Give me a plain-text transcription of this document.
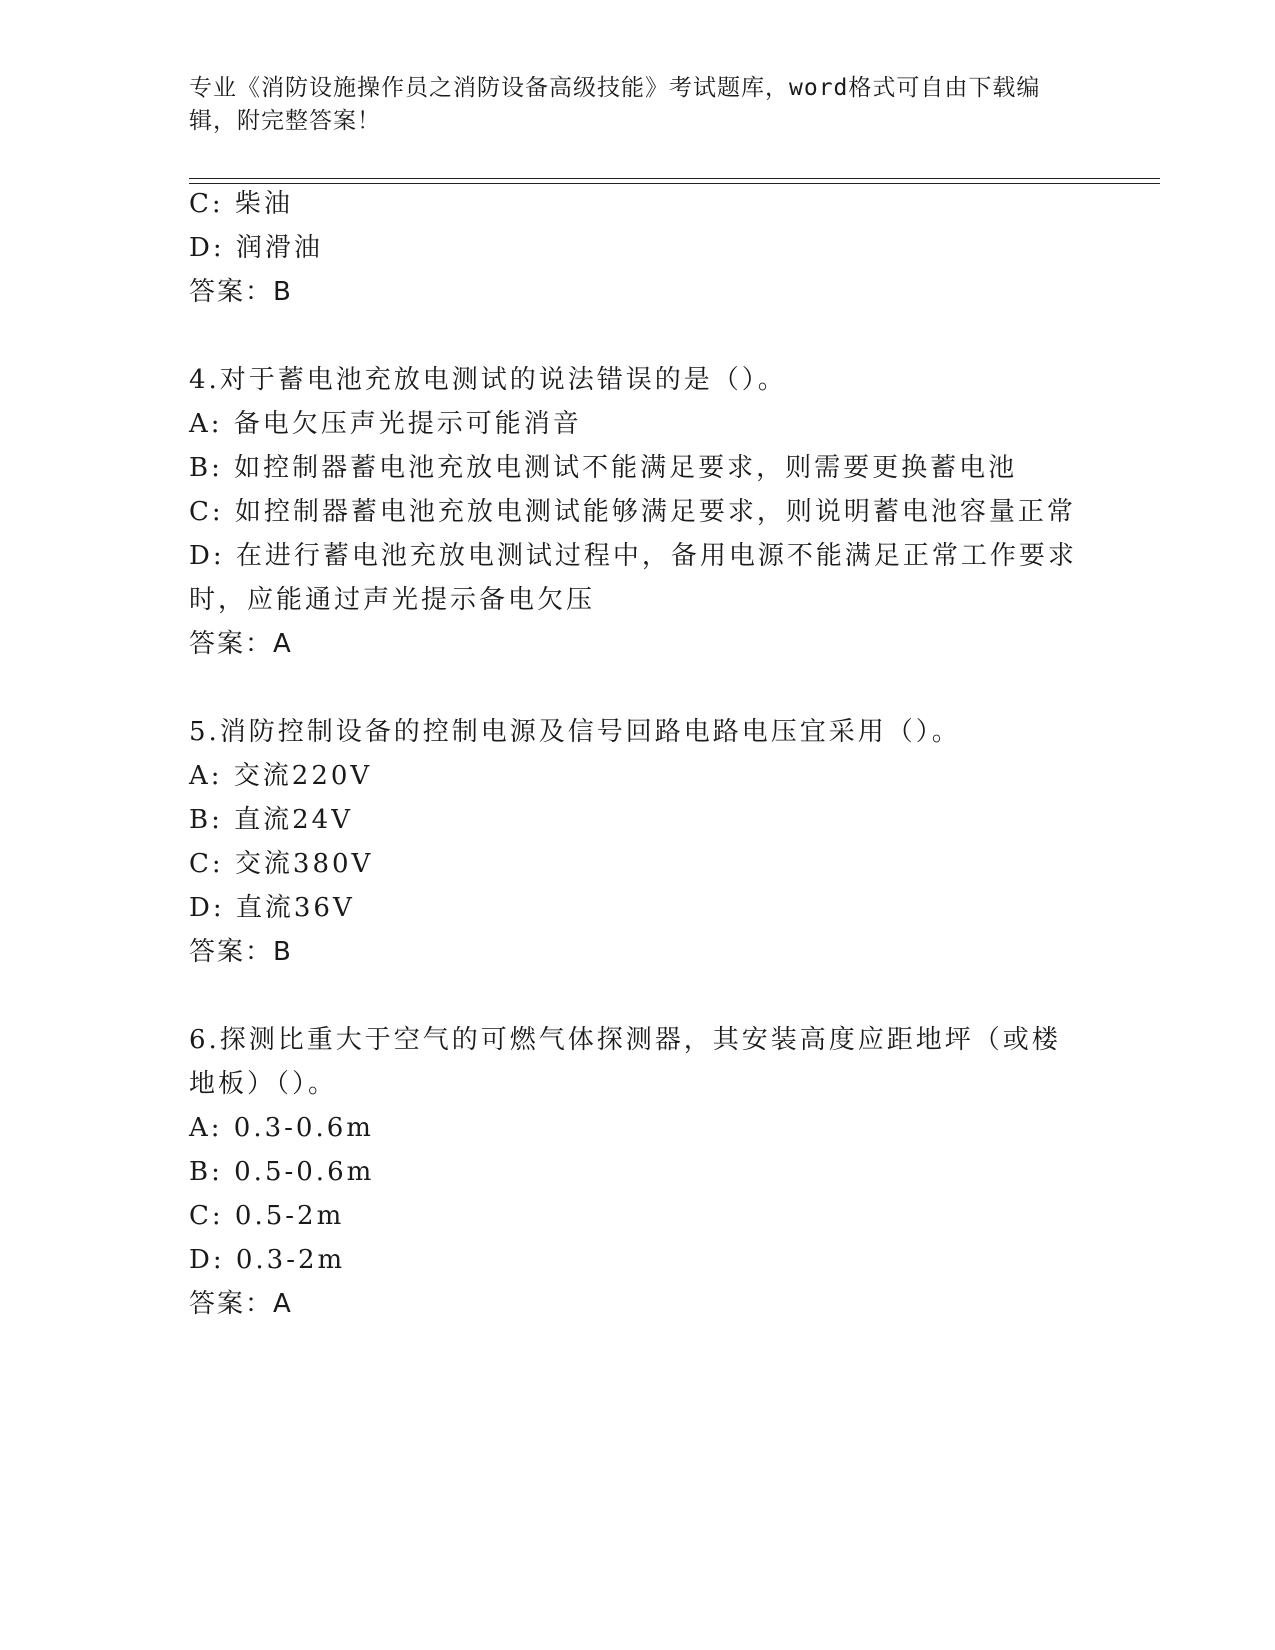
专业《消防设施操作员之消防设备高级技能》考试题库，word格式可自由下载编
辑，附完整答案！
C: 柴油
D: 润滑油
答案：B
4.对于蓄电池充放电测试的说法错误的是（）。
A: 备电欠压声光提示可能消音
B: 如控制器蓄电池充放电测试不能满足要求，则需要更换蓄电池
C: 如控制器蓄电池充放电测试能够满足要求，则说明蓄电池容量正常
D: 在进行蓄电池充放电测试过程中，备用电源不能满足正常工作要求
时，应能通过声光提示备电欠压
答案：A
5.消防控制设备的控制电源及信号回路电路电压宜采用（）。
A: 交流220V
B: 直流24V
C: 交流380V
D: 直流36V
答案：B
6.探测比重大于空气的可燃气体探测器，其安装高度应距地坪（或楼
地板）（）。
A: 0.3-0.6m
B: 0.5-0.6m
C: 0.5-2m
D: 0.3-2m
答案：A
